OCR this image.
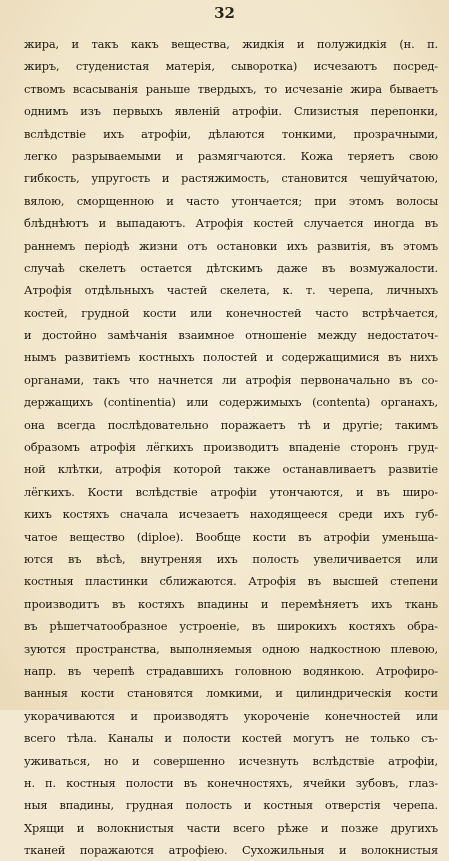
32
жира, и такъ какъ вещества, жидкія и полужидкія (н. п.
жиръ, студенистая матерія, сыворотка) исчезаютъ посред-
ствомъ всасыванія раньше твердыхъ, то исчезаніе жира бываетъ
однимъ изъ первыхъ явленій атрофіи. Слизистыя перепонки,
вслѣдствіе ихъ атрофіи, дѣлаются тонкими, прозрачными,
легко разрываемыми и размягчаются. Кожа теряетъ свою
гибкость, упругость и растяжимость, становится чешуйчатою,
вялою, сморщенною и часто утончается; при этомъ волосы
блѣднѣютъ и выпадаютъ. Атрофія костей случается иногда въ
раннемъ періодѣ жизни отъ остановки ихъ развитія, въ этомъ
случаѣ скелетъ остается дѣтскимъ даже въ возмужалости.
Атрофія отдѣльныхъ частей скелета, к. т. черепа, личныхъ
костей, грудной кости или конечностей часто встрѣчается,
и достойно замѣчанія взаимное отношеніе между недостаточ-
нымъ развитіемъ костныхъ полостей и содержащимися въ нихъ
органами, такъ что начнется ли атрофія первоначально въ со-
держащихъ (continentia) или содержимыхъ (contenta) органахъ,
она всегда послѣдовательно поражаетъ тѣ и другіе; такимъ
образомъ атрофія лёгкихъ производитъ впаденіе сторонъ груд-
ной клѣтки, атрофія которой также останавливаетъ развитіе
лёгкихъ. Кости вслѣдствіе атрофіи утончаются, и въ широ-
кихъ костяхъ сначала исчезаетъ находящееся среди ихъ губ-
чатое вещество (diploe). Вообще кости въ атрофіи уменьша-
ются въ вѣсѣ, внутреняя ихъ полость увеличивается или
костныя пластинки сближаются. Атрофія въ высшей степени
производитъ въ костяхъ впадины и перемѣняетъ ихъ ткань
въ рѣшетчатообразное устроеніе, въ широкихъ костяхъ обра-
зуются пространства, выполняемыя одною надкостною плевою,
напр. въ черепѣ страдавшихъ головною водянкою. Атрофиро-
ванныя кости становятся ломкими, и цилиндрическія кости
укорачиваются и производятъ укороченіе конечностей или
всего тѣла. Каналы и полости костей могутъ не только съ-
уживаться, но и совершенно исчезнуть вслѣдствіе атрофіи,
н. п. костныя полости въ конечностяхъ, ячейки зубовъ, глаз-
ныя впадины, грудная полость и костныя отверстія черепа.
Хрящи и волокнистыя части всего рѣже и позже другихъ
тканей поражаются атрофіею. Сухожильныя и волокнистыя
